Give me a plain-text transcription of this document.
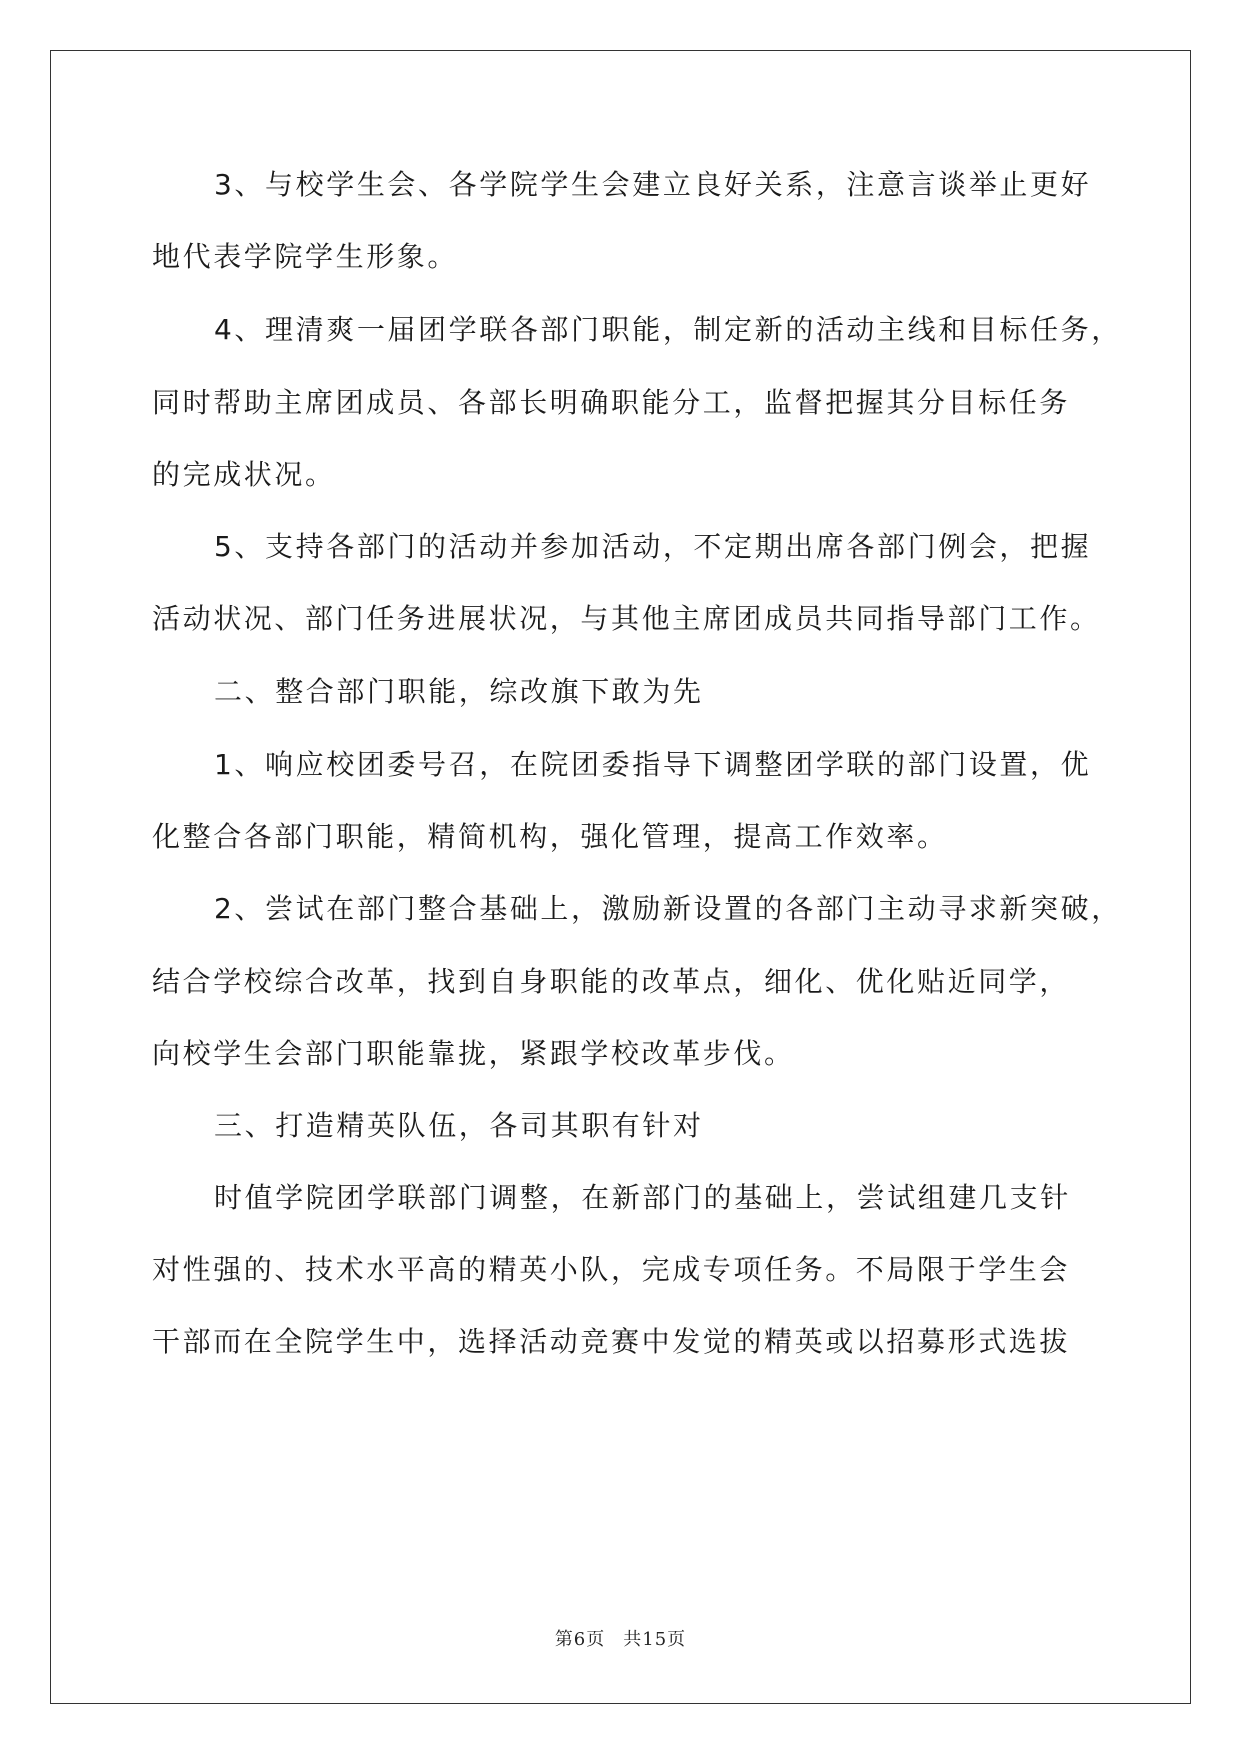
3、与校学生会、各学院学生会建立良好关系，注意言谈举止更好
地代表学院学生形象。
4、理清爽一届团学联各部门职能，制定新的活动主线和目标任务，
同时帮助主席团成员、各部长明确职能分工，监督把握其分目标任务
的完成状况。
5、支持各部门的活动并参加活动，不定期出席各部门例会，把握
活动状况、部门任务进展状况，与其他主席团成员共同指导部门工作。
二、整合部门职能，综改旗下敢为先
1、响应校团委号召，在院团委指导下调整团学联的部门设置，优
化整合各部门职能，精简机构，强化管理，提高工作效率。
2、尝试在部门整合基础上，激励新设置的各部门主动寻求新突破，
结合学校综合改革，找到自身职能的改革点，细化、优化贴近同学，
向校学生会部门职能靠拢，紧跟学校改革步伐。
三、打造精英队伍，各司其职有针对
时值学院团学联部门调整，在新部门的基础上，尝试组建几支针
对性强的、技术水平高的精英小队，完成专项任务。不局限于学生会
干部而在全院学生中，选择活动竞赛中发觉的精英或以招募形式选拔
第6页 共15页
